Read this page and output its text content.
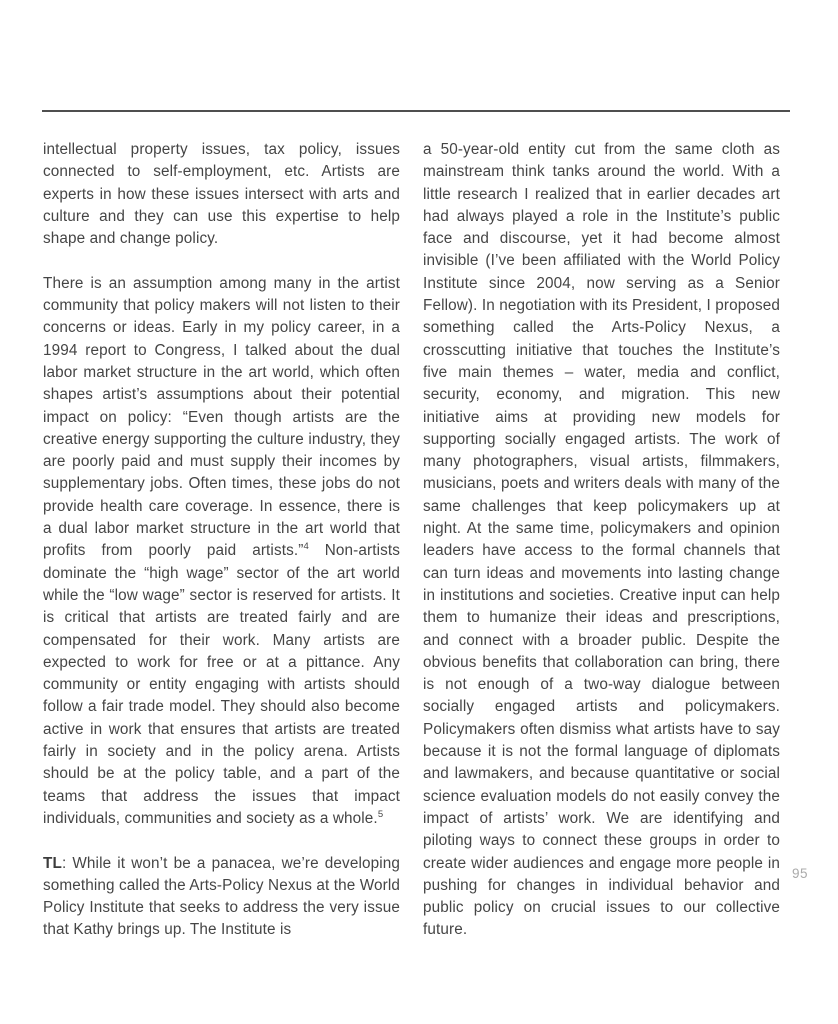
intellectual property issues, tax policy, issues connected to self-employment, etc. Artists are experts in how these issues intersect with arts and culture and they can use this expertise to help shape and change policy.

There is an assumption among many in the artist community that policy makers will not listen to their concerns or ideas. Early in my policy career, in a 1994 report to Congress, I talked about the dual labor market structure in the art world, which often shapes artist’s assumptions about their potential impact on policy: “Even though artists are the creative energy supporting the culture industry, they are poorly paid and must supply their incomes by supplementary jobs. Often times, these jobs do not provide health care coverage. In essence, there is a dual labor market structure in the art world that profits from poorly paid artists.”$^4$ Non-artists dominate the “high wage” sector of the art world while the “low wage” sector is reserved for artists. It is critical that artists are treated fairly and are compensated for their work. Many artists are expected to work for free or at a pittance. Any community or entity engaging with artists should follow a fair trade model. They should also become active in work that ensures that artists are treated fairly in society and in the policy arena. Artists should be at the policy table, and a part of the teams that address the issues that impact individuals, communities and society as a whole.$^5$

TL: While it won’t be a panacea, we’re developing something called the Arts-Policy Nexus at the World Policy Institute that seeks to address the very issue that Kathy brings up. The Institute is

a 50-year-old entity cut from the same cloth as mainstream think tanks around the world. With a little research I realized that in earlier decades art had always played a role in the Institute’s public face and discourse, yet it had become almost invisible (I’ve been affiliated with the World Policy Institute since 2004, now serving as a Senior Fellow). In negotiation with its President, I proposed something called the Arts-Policy Nexus, a crosscutting initiative that touches the Institute’s five main themes – water, media and conflict, security, economy, and migration. This new initiative aims at providing new models for supporting socially engaged artists. The work of many photographers, visual artists, filmmakers, musicians, poets and writers deals with many of the same challenges that keep policymakers up at night. At the same time, policymakers and opinion leaders have access to the formal channels that can turn ideas and movements into lasting change in institutions and societies. Creative input can help them to humanize their ideas and prescriptions, and connect with a broader public. Despite the obvious benefits that collaboration can bring, there is not enough of a two-way dialogue between socially engaged artists and policymakers. Policymakers often dismiss what artists have to say because it is not the formal language of diplomats and lawmakers, and because quantitative or social science evaluation models do not easily convey the impact of artists’ work. We are identifying and piloting ways to connect these groups in order to create wider audiences and engage more people in pushing for changes in individual behavior and public policy on crucial issues to our collective future.

95
